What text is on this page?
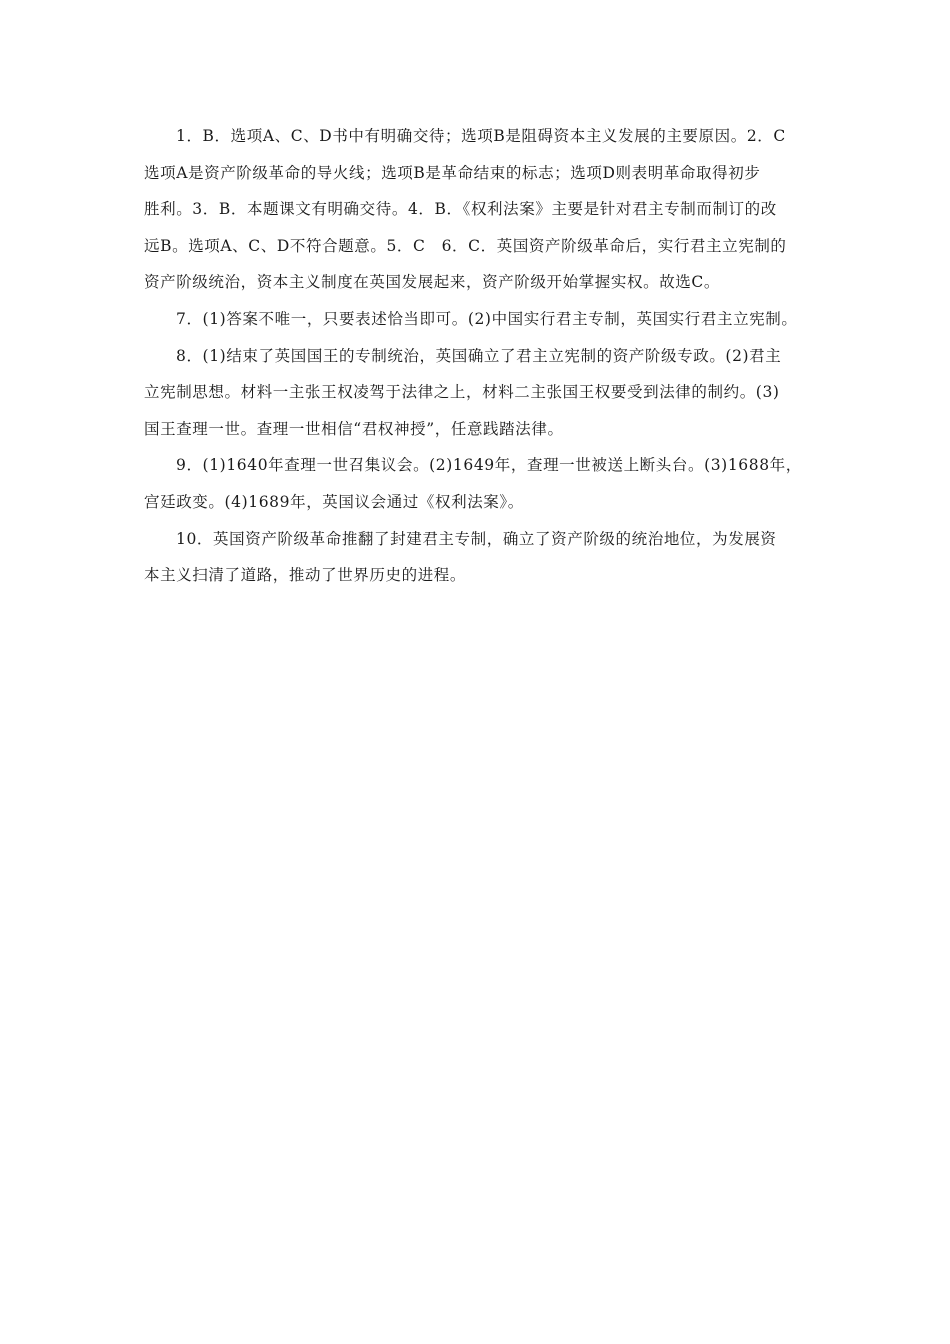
1．B．选项A、C、D书中有明确交待；选项B是阻碍资本主义发展的主要原因。2．C
选项A是资产阶级革命的导火线；选项B是革命结束的标志；选项D则表明革命取得初步
胜利。3．B．本题课文有明确交待。4．B．《权利法案》主要是针对君主专制而制订的改
远B。选项A、C、D不符合题意。5．C　6．C．英国资产阶级革命后，实行君主立宪制的
资产阶级统治，资本主义制度在英国发展起来，资产阶级开始掌握实权。故选C。
7．(1)答案不唯一，只要表述恰当即可。(2)中国实行君主专制，英国实行君主立宪制。
8．(1)结束了英国国王的专制统治，英国确立了君主立宪制的资产阶级专政。(2)君主
立宪制思想。材料一主张王权凌驾于法律之上，材料二主张国王权要受到法律的制约。(3)
国王查理一世。查理一世相信“君权神授”，任意践踏法律。
9．(1)1640年查理一世召集议会。(2)1649年，查理一世被送上断头台。(3)1688年，
宫廷政变。(4)1689年，英国议会通过《权利法案》。
10．英国资产阶级革命推翻了封建君主专制，确立了资产阶级的统治地位，为发展资
本主义扫清了道路，推动了世界历史的进程。
